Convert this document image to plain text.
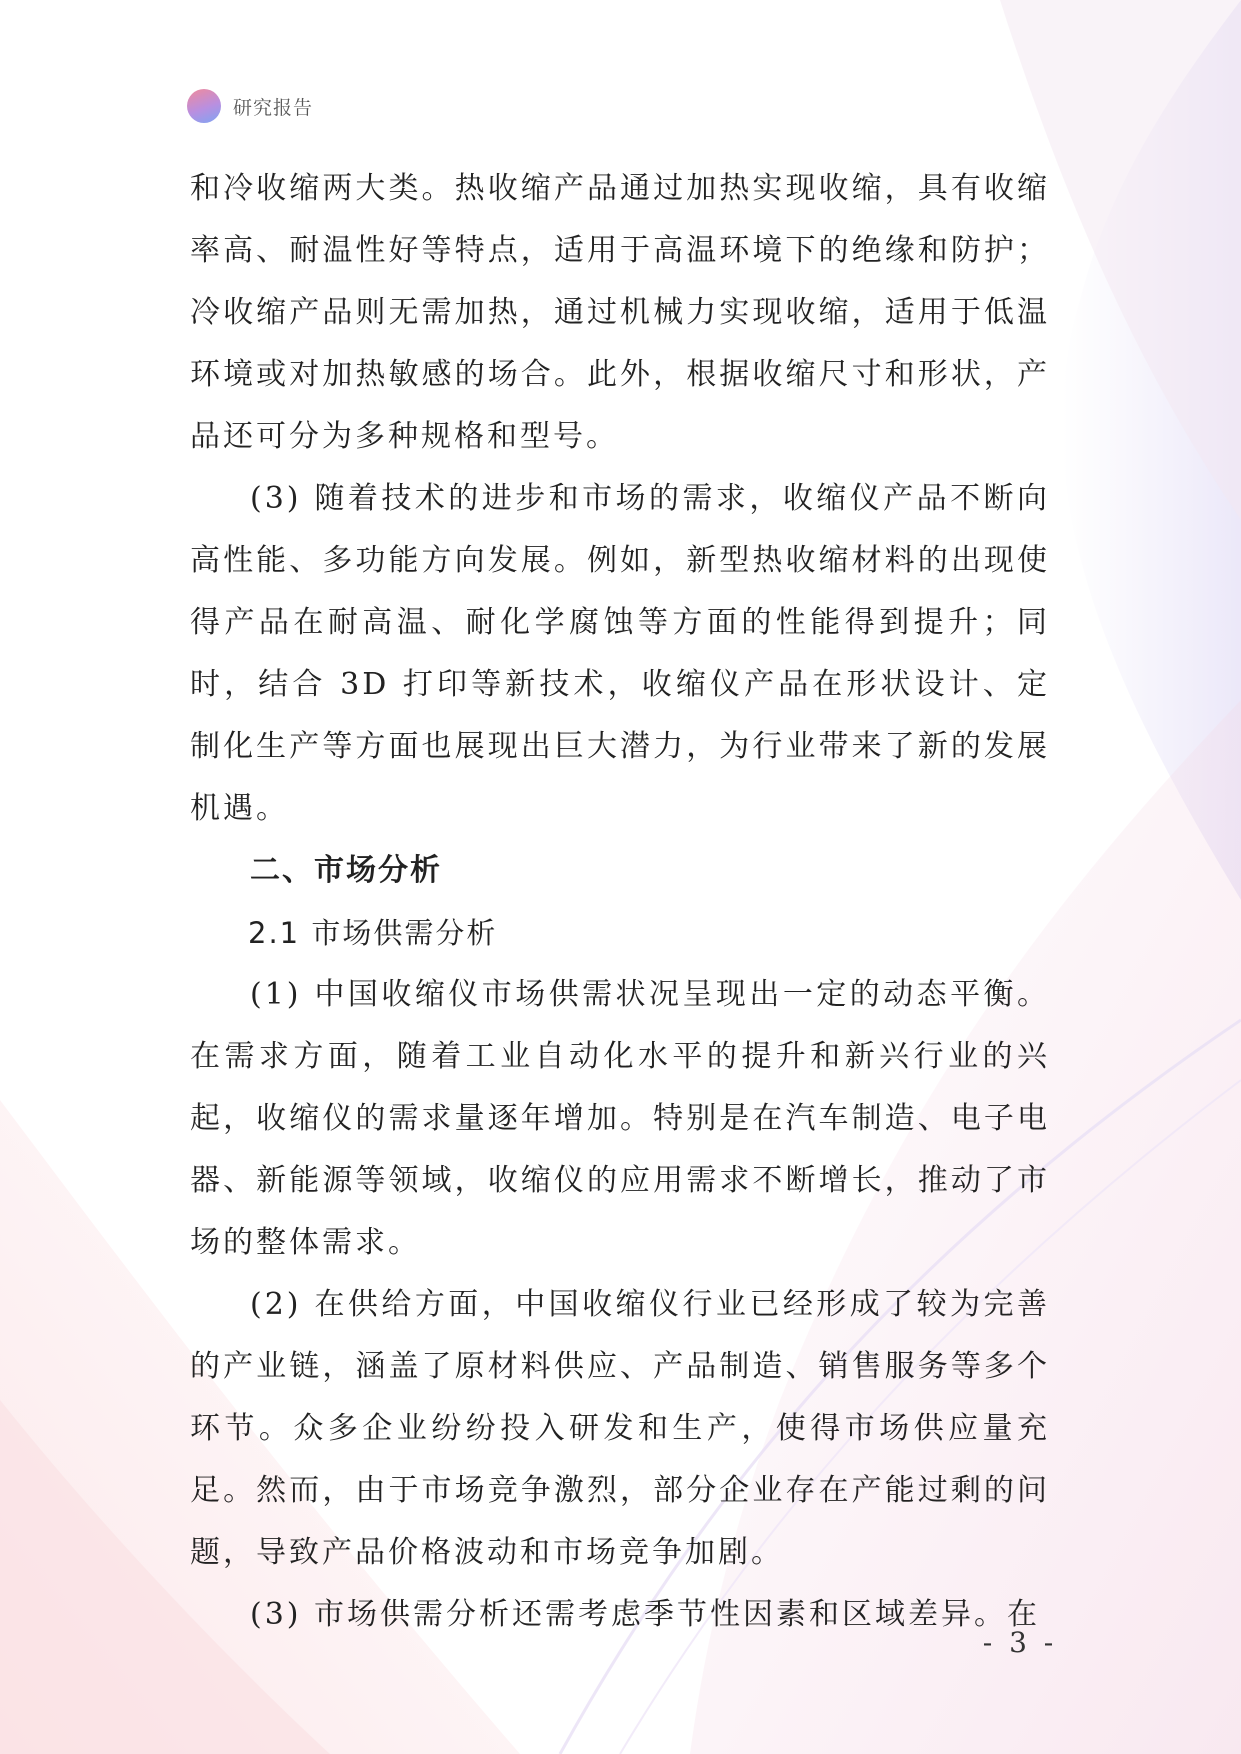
研究报告

和冷收缩两大类。热收缩产品通过加热实现收缩，具有收缩率高、耐温性好等特点，适用于高温环境下的绝缘和防护；冷收缩产品则无需加热，通过机械力实现收缩，适用于低温环境或对加热敏感的场合。此外，根据收缩尺寸和形状，产品还可分为多种规格和型号。

(3) 随着技术的进步和市场的需求，收缩仪产品不断向高性能、多功能方向发展。例如，新型热收缩材料的出现使得产品在耐高温、耐化学腐蚀等方面的性能得到提升；同时，结合 3D 打印等新技术，收缩仪产品在形状设计、定制化生产等方面也展现出巨大潜力，为行业带来了新的发展机遇。

二、市场分析
2.1 市场供需分析

(1) 中国收缩仪市场供需状况呈现出一定的动态平衡。在需求方面，随着工业自动化水平的提升和新兴行业的兴起，收缩仪的需求量逐年增加。特别是在汽车制造、电子电器、新能源等领域，收缩仪的应用需求不断增长，推动了市场的整体需求。

(2) 在供给方面，中国收缩仪行业已经形成了较为完善的产业链，涵盖了原材料供应、产品制造、销售服务等多个环节。众多企业纷纷投入研发和生产，使得市场供应量充足。然而，由于市场竞争激烈，部分企业存在产能过剩的问题，导致产品价格波动和市场竞争加剧。

(3) 市场供需分析还需考虑季节性因素和区域差异。在

- 3 -
